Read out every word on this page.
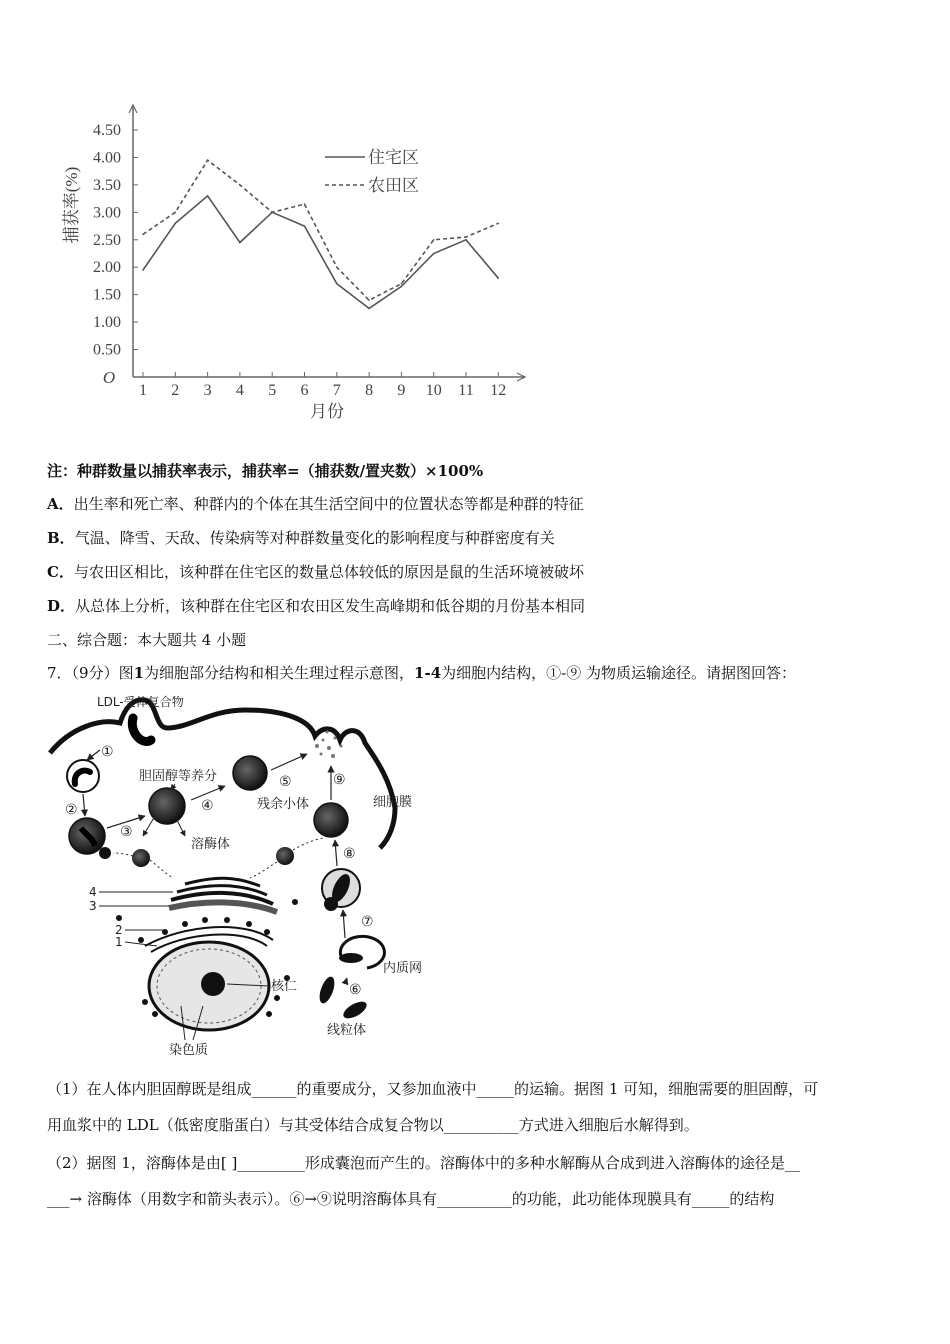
0.50
1.00
1.50
2.00
2.50
3.00
3.50
4.00
4.50
1 2 3 4 5 6 7 8 9 10 11 12
住宅区
农田区
捕获率(%)
月份
O
注：种群数量以捕获率表示，捕获率=（捕获数/置夹数）×100%
A．出生率和死亡率、种群内的个体在其生活空间中的位置状态等都是种群的特征
B．气温、降雪、天敌、传染病等对种群数量变化的影响程度与种群密度有关
C．与农田区相比，该种群在住宅区的数量总体较低的原因是鼠的生活环境被破坏
D．从总体上分析，该种群在住宅区和农田区发生高峰期和低谷期的月份基本相同
二、综合题：本大题共 4 小题
7．（9分）图1为细胞部分结构和相关生理过程示意图，1-4为细胞内结构，①-⑨ 为物质运输途径。请据图回答：
LDL-受体复合物
细胞膜
①
②
③
胆固醇等养分
④
⑤
残余小体
⑨
溶酶体
⑧
4
3
2
1
核仁
染色质
⑦
内质网
⑥
线粒体
（1）在人体内胆固醇既是组成______的重要成分，又参加血液中_____的运输。据图 1 可知，细胞需要的胆固醇，可
用血浆中的 LDL（低密度脂蛋白）与其受体结合成复合物以__________方式进入细胞后水解得到。
（2）据图 1，溶酶体是由[ ]_________形成囊泡而产生的。溶酶体中的多种水解酶从合成到进入溶酶体的途径是__
___→ 溶酶体（用数字和箭头表示）。⑥→⑨说明溶酶体具有__________的功能，此功能体现膜具有_____的结构
